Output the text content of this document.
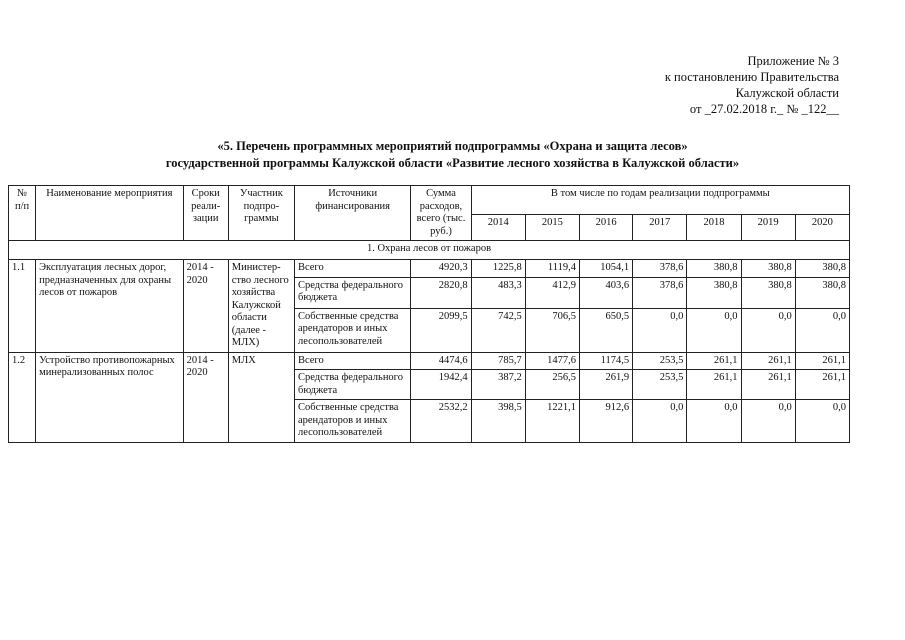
Приложение № 3
к постановлению Правительства
Калужской области
от _27.02.2018 г._ № _122__
«5. Перечень программных мероприятий подпрограммы «Охрана и защита лесов»
государственной программы Калужской области «Развитие лесного хозяйства в Калужской области»
№ п/п	Наименование мероприятия	Сроки реали-зации	Участник подпро-граммы	Источники финансирования	Сумма расходов, всего (тыс. руб.)	В том числе по годам реализации подпрограммы						
						2014	2015	2016	2017	2018	2019	2020
1. Охрана лесов от пожаров												
1.1	Эксплуатация лесных дорог, предназначенных для охраны лесов от пожаров	2014 - 2020	Министер-ство лесного хозяйства Калужской области (далее - МЛХ)	Всего	4920,3	1225,8	1119,4	1054,1	378,6	380,8	380,8	380,8
				Средства федерального бюджета	2820,8	483,3	412,9	403,6	378,6	380,8	380,8	380,8
				Собственные средства арендаторов и иных лесопользователей	2099,5	742,5	706,5	650,5	0,0	0,0	0,0	0,0
1.2	Устройство противопожарных минерализованных полос	2014 - 2020	МЛХ	Всего	4474,6	785,7	1477,6	1174,5	253,5	261,1	261,1	261,1
				Средства федерального бюджета	1942,4	387,2	256,5	261,9	253,5	261,1	261,1	261,1
				Собственные средства арендаторов и иных лесопользователей	2532,2	398,5	1221,1	912,6	0,0	0,0	0,0	0,0
